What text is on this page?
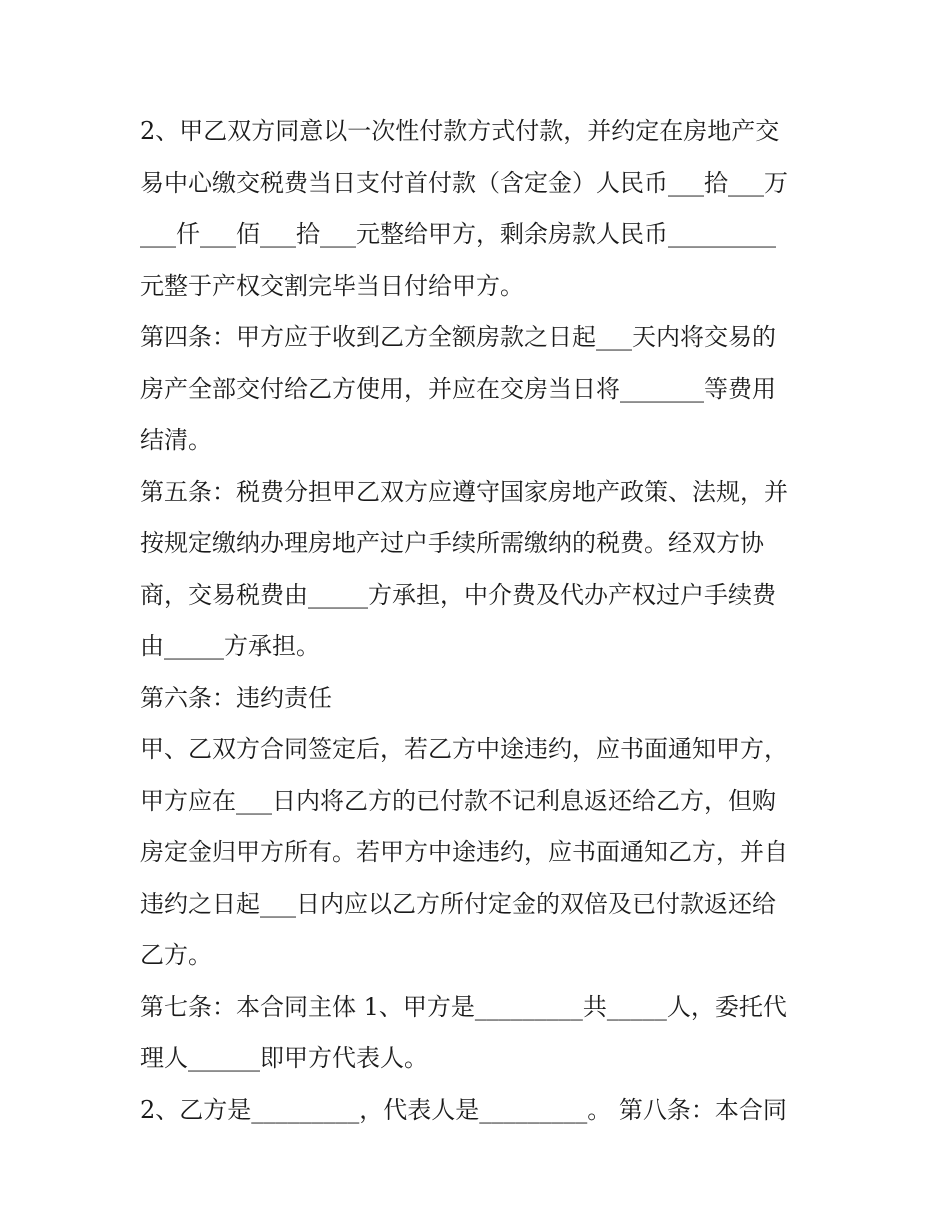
2、甲乙双方同意以一次性付款方式付款，并约定在房地产交
易中心缴交税费当日支付首付款（含定金）人民币___拾___万
___仟___佰___拾___元整给甲方，剩余房款人民币_________
元整于产权交割完毕当日付给甲方。
第四条：甲方应于收到乙方全额房款之日起___天内将交易的
房产全部交付给乙方使用，并应在交房当日将_______等费用
结清。
第五条：税费分担甲乙双方应遵守国家房地产政策、法规，并
按规定缴纳办理房地产过户手续所需缴纳的税费。经双方协
商，交易税费由_____方承担，中介费及代办产权过户手续费
由_____方承担。
第六条：违约责任
甲、乙双方合同签定后，若乙方中途违约，应书面通知甲方，
甲方应在___日内将乙方的已付款不记利息返还给乙方，但购
房定金归甲方所有。若甲方中途违约，应书面通知乙方，并自
违约之日起___日内应以乙方所付定金的双倍及已付款返还给
乙方。
第七条：本合同主体 1、甲方是_________共_____人，委托代
理人______即甲方代表人。
2、乙方是_________，代表人是_________。 第八条：本合同
